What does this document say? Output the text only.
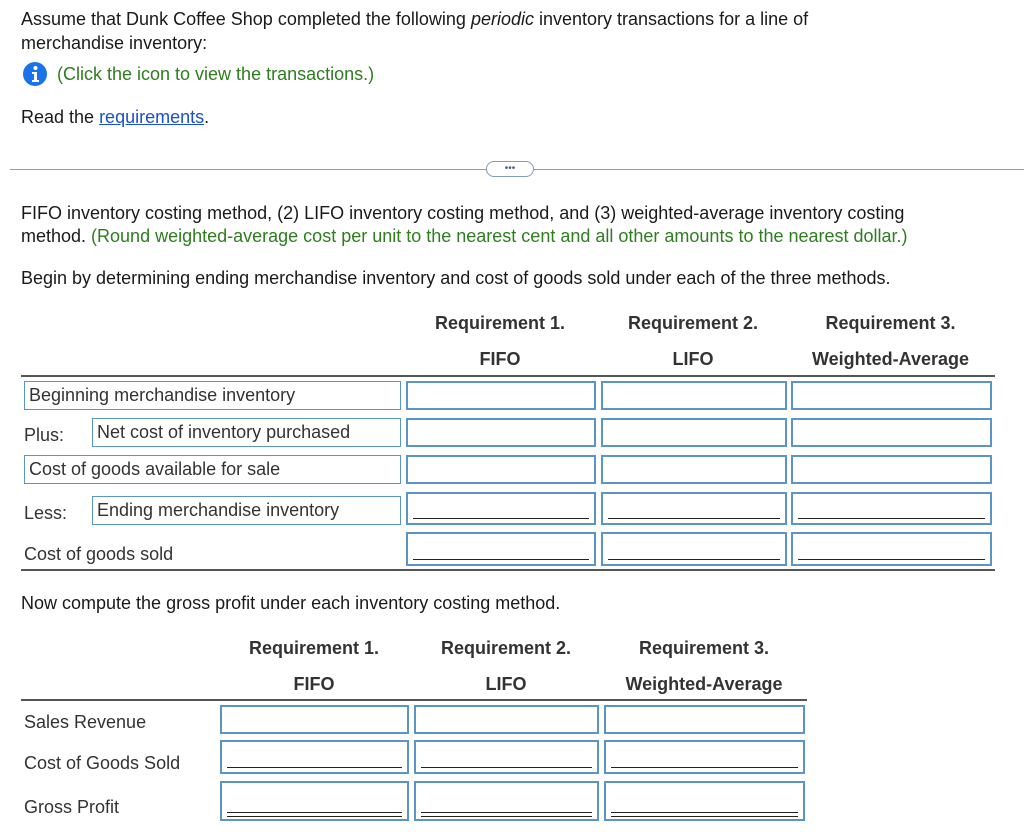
Assume that Dunk Coffee Shop completed the following periodic inventory transactions for a line of
merchandise inventory:
(Click the icon to view the transactions.)
Read the requirements.
•••
FIFO inventory costing method, (2) LIFO inventory costing method, and (3) weighted-average inventory costing
method. (Round weighted-average cost per unit to the nearest cent and all other amounts to the nearest dollar.)
Begin by determining ending merchandise inventory and cost of goods sold under each of the three methods.
Requirement 1.	Requirement 2.	Requirement 3.
FIFO	LIFO	Weighted-Average
Beginning merchandise inventory
Plus: Net cost of inventory purchased
Cost of goods available for sale
Less: Ending merchandise inventory
Cost of goods sold
Now compute the gross profit under each inventory costing method.
Requirement 1.	Requirement 2.	Requirement 3.
FIFO	LIFO	Weighted-Average
Sales Revenue
Cost of Goods Sold
Gross Profit
